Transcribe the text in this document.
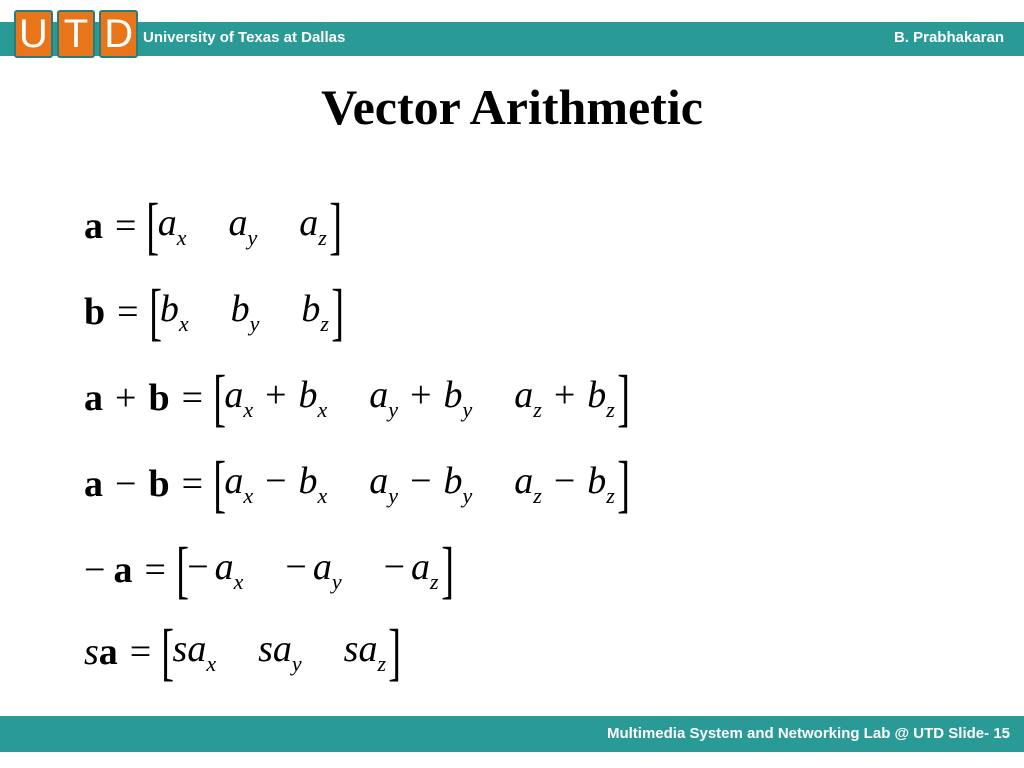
U T D University of Texas at Dallas	B. Prabhakaran
Vector Arithmetic
a = [
$a_x$ $a_y$ $a_z$ ]
b = [
$b_x$ $b_y$ $b_z$ ]
a + b = [
$a_x + b_x$ $a_y + b_y$ $a_z + b_z$ ]
a − b = [
$a_x - b_x$ $a_y - b_y$ $a_z - b_z$ ]
− a = [
− $a_x - a_y - a_z$ ]
s a = [
$sa_x$ $sa_y$ $sa_z$ ]
Multimedia System and Networking Lab @ UTD Slide- 15
